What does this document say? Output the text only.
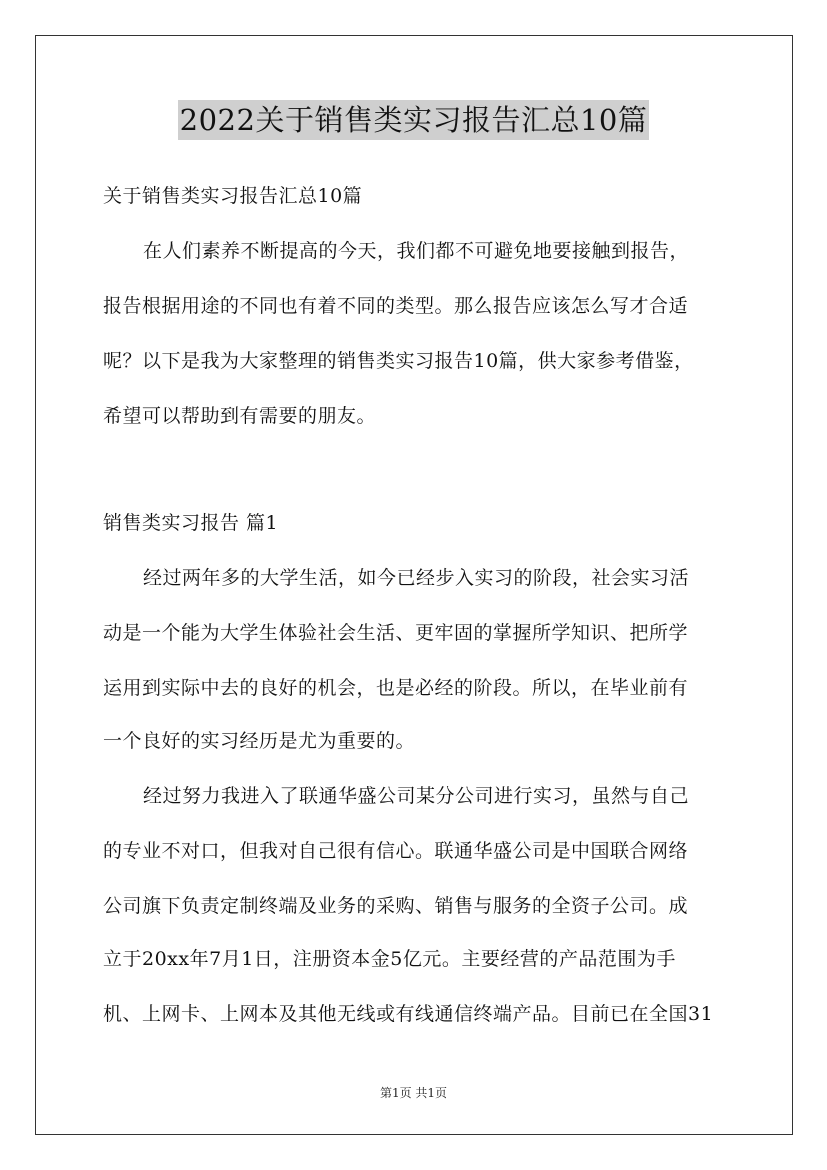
2022关于销售类实习报告汇总10篇
关于销售类实习报告汇总10篇
在人们素养不断提高的今天，我们都不可避免地要接触到报告，
报告根据用途的不同也有着不同的类型。那么报告应该怎么写才合适
呢？以下是我为大家整理的销售类实习报告10篇，供大家参考借鉴，
希望可以帮助到有需要的朋友。
销售类实习报告 篇1
经过两年多的大学生活，如今已经步入实习的阶段，社会实习活
动是一个能为大学生体验社会生活、更牢固的掌握所学知识、把所学
运用到实际中去的良好的机会，也是必经的阶段。所以，在毕业前有
一个良好的实习经历是尤为重要的。
经过努力我进入了联通华盛公司某分公司进行实习，虽然与自己
的专业不对口，但我对自己很有信心。联通华盛公司是中国联合网络
公司旗下负责定制终端及业务的采购、销售与服务的全资子公司。成
立于20xx年7月1日，注册资本金5亿元。主要经营的产品范围为手
机、上网卡、上网本及其他无线或有线通信终端产品。目前已在全国31
第1页 共1页
